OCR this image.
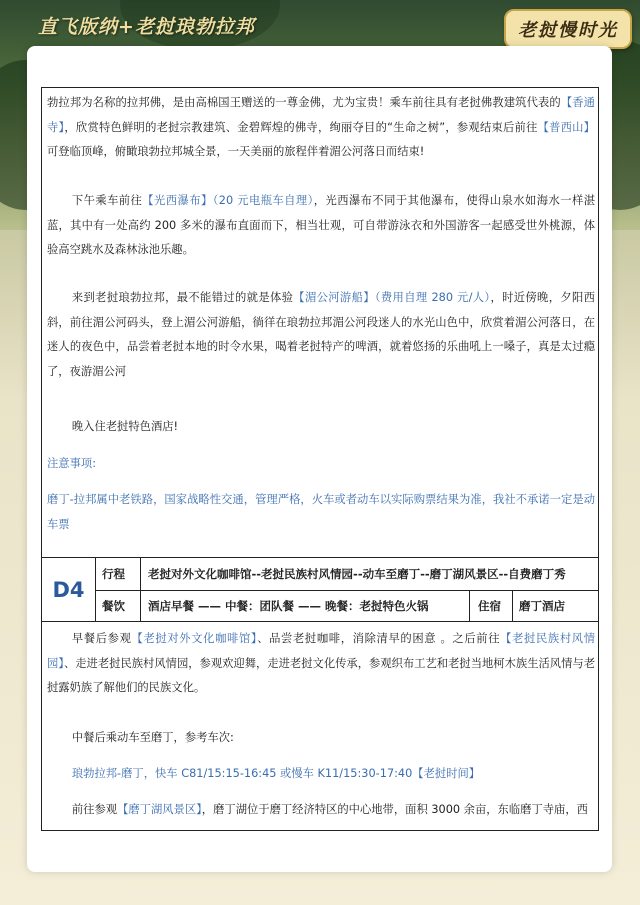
直飞版纳+老挝琅勃拉邦	老挝慢时光
勃拉邦为名称的拉邦佛，是由高棉国王赠送的一尊金佛，尤为宝贵！乘车前往具有老挝佛教建筑代表的【香通寺】，欣赏特色鲜明的老挝宗教建筑、金碧辉煌的佛寺，绚丽夺目的“生命之树”，参观结束后前往【普西山】可登临顶峰，俯瞰琅勃拉邦城全景，一天美丽的旅程伴着湄公河落日而结束!
下午乘车前往【光西瀑布】（20 元电瓶车自理），光西瀑布不同于其他瀑布，使得山泉水如海水一样湛蓝，其中有一处高约 200 多米的瀑布直面而下，相当壮观，可自带游泳衣和外国游客一起感受世外桃源，体验高空跳水及森林泳池乐趣。
来到老挝琅勃拉邦，最不能错过的就是体验【湄公河游船】（费用自理 280 元/人），时近傍晚，夕阳西斜，前往湄公河码头，登上湄公河游船，徜徉在琅勃拉邦湄公河段迷人的水光山色中，欣赏着湄公河落日，在迷人的夜色中，品尝着老挝本地的时令水果，喝着老挝特产的啤酒，就着悠扬的乐曲吼上一嗓子，真是太过瘾了，夜游湄公河
晚入住老挝特色酒店!
注意事项:
磨丁-拉邦属中老铁路，国家战略性交通，管理严格，火车或者动车以实际购票结果为准，我社不承诺一定是动车票
D4
行程 老挝对外文化咖啡馆--老挝民族村风情园--动车至磨丁--磨丁湖风景区--自费磨丁秀
餐饮 酒店早餐 —— 中餐：团队餐 —— 晚餐：老挝特色火锅	住宿 磨丁酒店
早餐后参观【老挝对外文化咖啡馆】、品尝老挝咖啡，消除清早的困意 。之后前往【老挝民族村风情园】、走进老挝民族村风情园，参观欢迎舞，走进老挝文化传承，参观织布工艺和老挝当地柯木族生活风情与老挝露奶族了解他们的民族文化。
中餐后乘动车至磨丁，参考车次:
琅勃拉邦-磨丁，快车 C81/15:15-16:45 或慢车 K11/15:30-17:40【老挝时间】
前往参观【磨丁湖风景区】，磨丁湖位于磨丁经济特区的中心地带，面积 3000 余亩，东临磨丁寺庙，西
